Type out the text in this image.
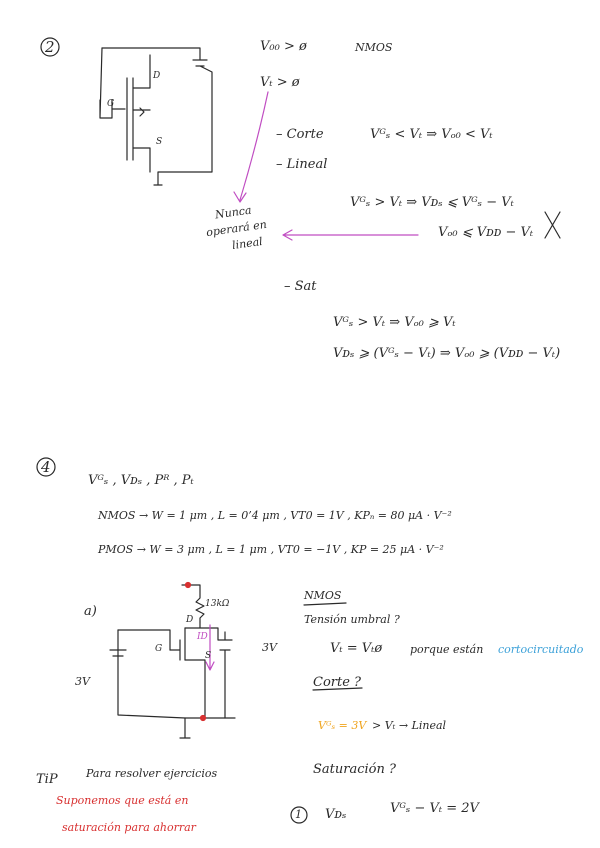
2
D
G
S
V₀₀ > ø	NMOS
Vₜ > ø
– Corte	Vᴳₛ < Vₜ ⇒ Vₒ₀ < Vₜ
– Lineal
Vᴳₛ > Vₜ ⇒ Vᴅₛ ⩽ Vᴳₛ − Vₜ
Vₒ₀ ⩽ Vᴅᴅ − Vₜ
Nunca
operará en
lineal
– Sat
Vᴳₛ > Vₜ ⇒ Vₒ₀ ⩾ Vₜ
Vᴅₛ ⩾ (Vᴳₛ − Vₜ) ⇒ Vₒ₀ ⩾ (Vᴅᴅ − Vₜ)
4
Vᴳₛ , Vᴅₛ , Pᴿ , Pₜ
NMOS → W = 1 μm , L = 0’4 μm , VT0 = 1V , KPₙ = 80 μA · V⁻²
PMOS → W = 3 μm , L = 1 μm , VT0 = −1V , KP = 25 μA · V⁻²
a)	13kΩ
D
G
S
ID
3V
3V
NMOS
Tensión umbral ?
Vₜ = Vₜø	porque están cortocircuitado
Corte ?
Vᴳₛ = 3V > Vₜ → Lineal
Saturación ?
1 Vᴅₛ	Vᴳₛ − Vₜ = 2V
TiP	Para resolver ejercicios
Suponemos que está en
saturación para ahorrar
